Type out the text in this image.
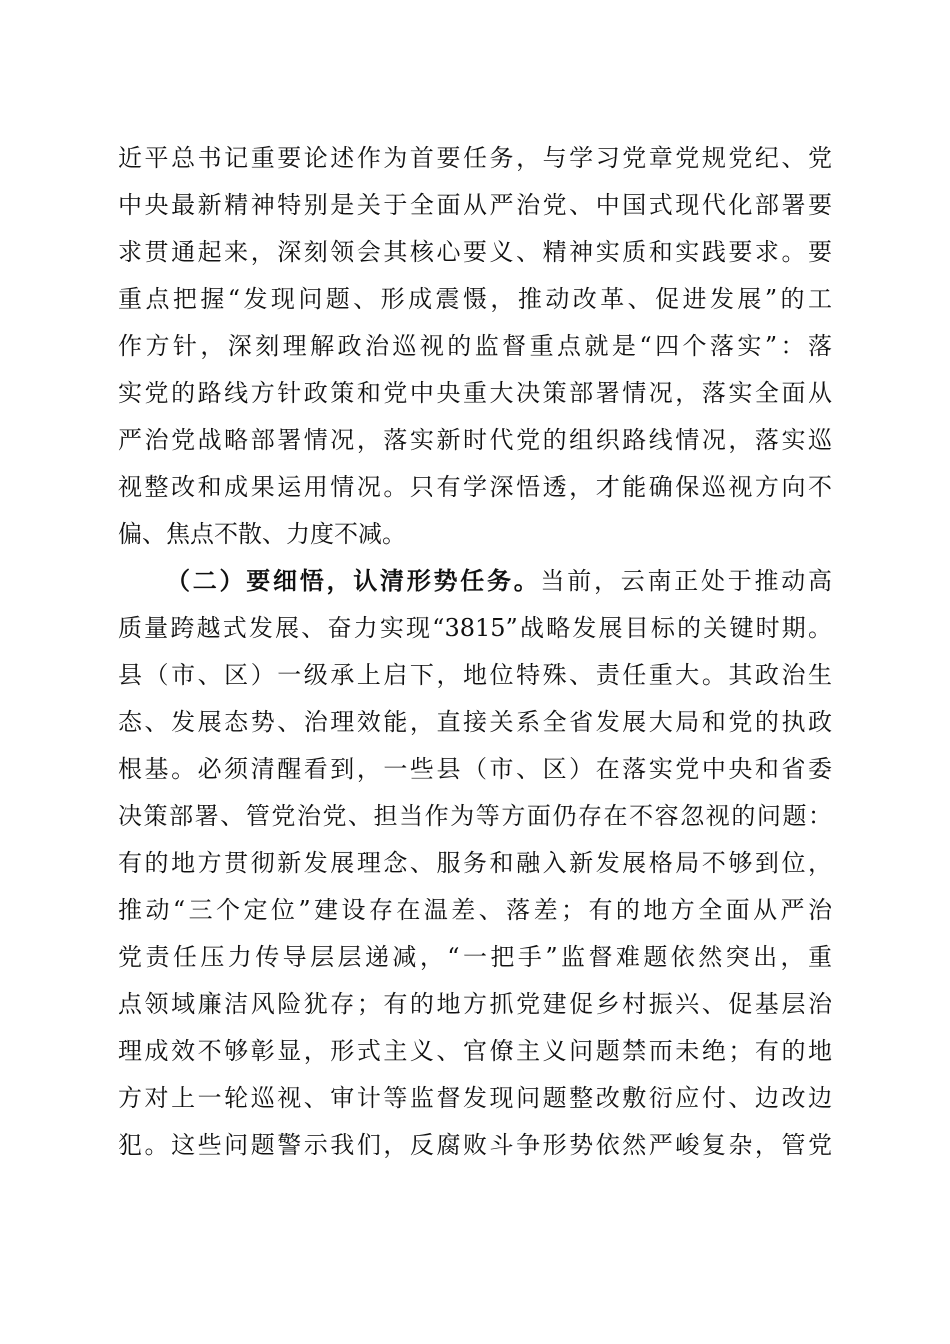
近平总书记重要论述作为首要任务，与学习党章党规党纪、党
中央最新精神特别是关于全面从严治党、中国式现代化部署要
求贯通起来，深刻领会其核心要义、精神实质和实践要求。要
重点把握“发现问题、形成震慑，推动改革、促进发展”的工
作方针，深刻理解政治巡视的监督重点就是“四个落实”：落
实党的路线方针政策和党中央重大决策部署情况，落实全面从
严治党战略部署情况，落实新时代党的组织路线情况，落实巡
视整改和成果运用情况。只有学深悟透，才能确保巡视方向不
偏、焦点不散、力度不减。
（二）要细悟，认清形势任务。当前，云南正处于推动高
质量跨越式发展、奋力实现“3815”战略发展目标的关键时期。
县（市、区）一级承上启下，地位特殊、责任重大。其政治生
态、发展态势、治理效能，直接关系全省发展大局和党的执政
根基。必须清醒看到，一些县（市、区）在落实党中央和省委
决策部署、管党治党、担当作为等方面仍存在不容忽视的问题：
有的地方贯彻新发展理念、服务和融入新发展格局不够到位，
推动“三个定位”建设存在温差、落差；有的地方全面从严治
党责任压力传导层层递减，“一把手”监督难题依然突出，重
点领域廉洁风险犹存；有的地方抓党建促乡村振兴、促基层治
理成效不够彰显，形式主义、官僚主义问题禁而未绝；有的地
方对上一轮巡视、审计等监督发现问题整改敷衍应付、边改边
犯。这些问题警示我们，反腐败斗争形势依然严峻复杂，管党
